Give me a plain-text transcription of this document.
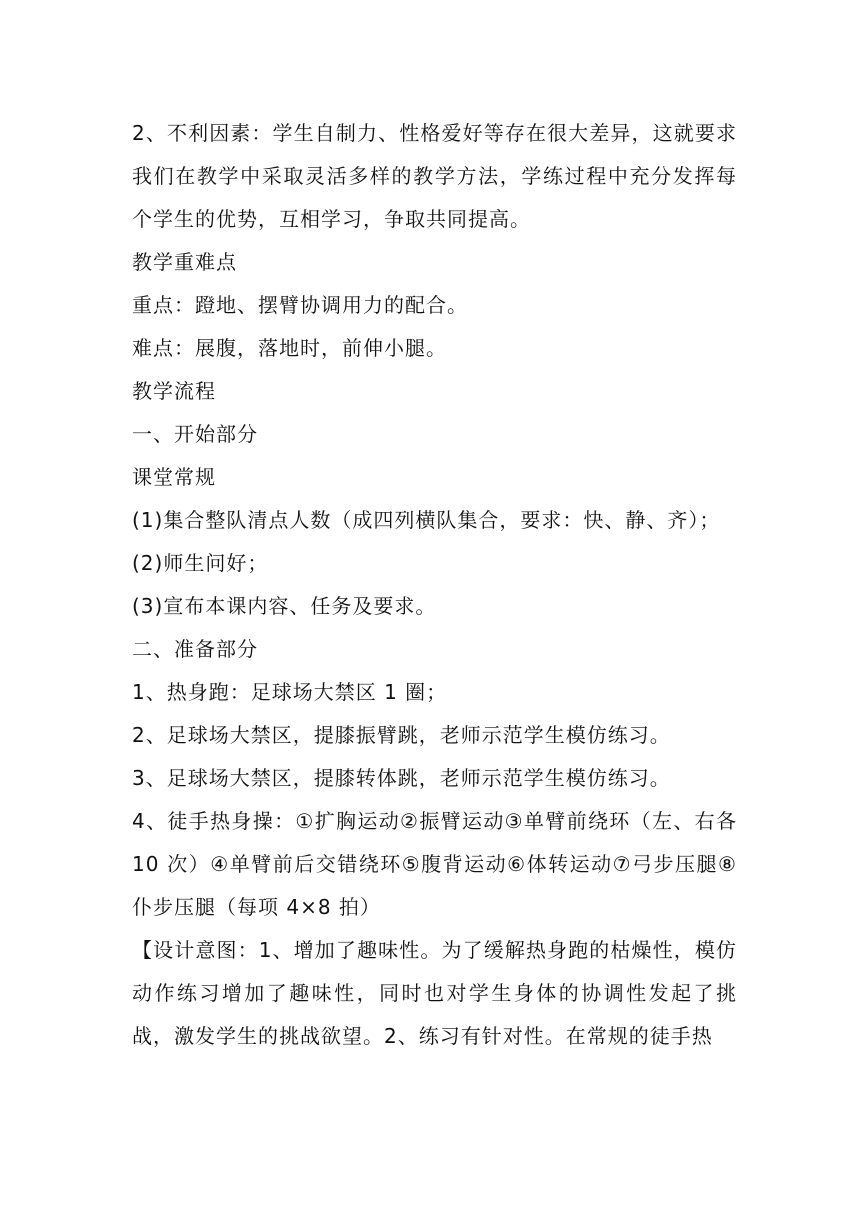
2、不利因素：学生自制力、性格爱好等存在很大差异，这就要求我们在教学中采取灵活多样的教学方法，学练过程中充分发挥每个学生的优势，互相学习，争取共同提高。

教学重难点

重点：蹬地、摆臂协调用力的配合。

难点：展腹，落地时，前伸小腿。

教学流程

一、开始部分

课堂常规

(1)集合整队清点人数（成四列横队集合，要求：快、静、齐）；

(2)师生问好；

(3)宣布本课内容、任务及要求。

二、准备部分

1、热身跑：足球场大禁区 1 圈；

2、足球场大禁区，提膝振臂跳，老师示范学生模仿练习。

3、足球场大禁区，提膝转体跳，老师示范学生模仿练习。

4、徒手热身操：①扩胸运动②振臂运动③单臂前绕环（左、右各 10 次）④单臂前后交错绕环⑤腹背运动⑥体转运动⑦弓步压腿⑧仆步压腿（每项 4×8 拍）

【设计意图：1、增加了趣味性。为了缓解热身跑的枯燥性，模仿动作练习增加了趣味性，同时也对学生身体的协调性发起了挑战，激发学生的挑战欲望。2、练习有针对性。在常规的徒手热
